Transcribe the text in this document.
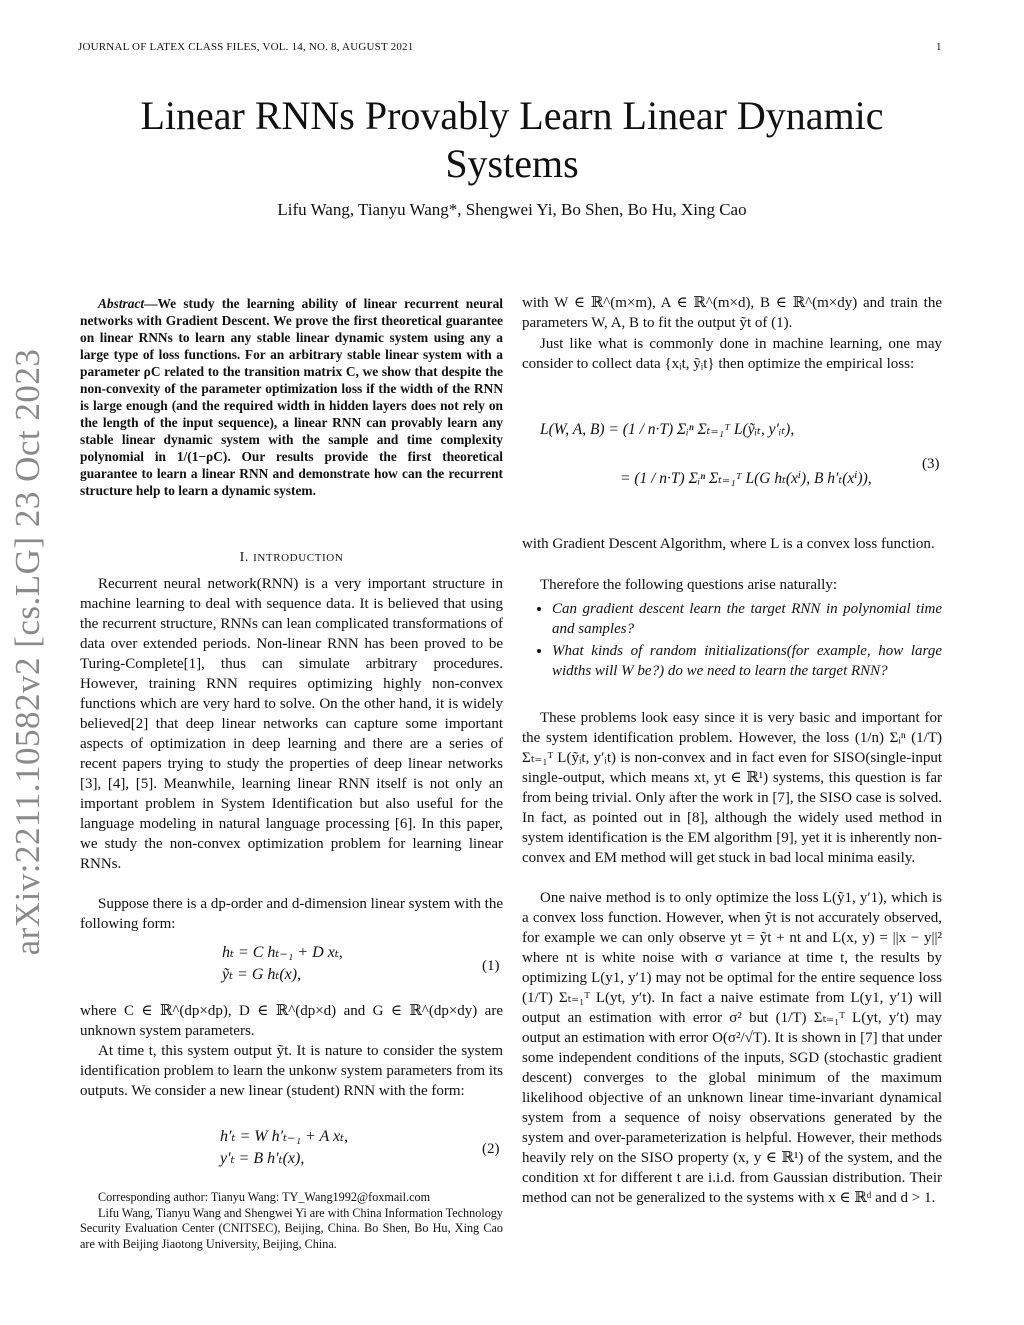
JOURNAL OF LATEX CLASS FILES, VOL. 14, NO. 8, AUGUST 2021	1
Linear RNNs Provably Learn Linear Dynamic
Systems
Lifu Wang, Tianyu Wang*, Shengwei Yi, Bo Shen, Bo Hu, Xing Cao
arXiv:2211.10582v2 [cs.LG] 23 Oct 2023

Abstract—We study the learning ability of linear recurrent neural networks with Gradient Descent. We prove the first theoretical guarantee on linear RNNs to learn any stable linear dynamic system using any a large type of loss functions. For an arbitrary stable linear system with a parameter ρC related to the transition matrix C, we show that despite the non-convexity of the parameter optimization loss if the width of the RNN is large enough (and the required width in hidden layers does not rely on the length of the input sequence), a linear RNN can provably learn any stable linear dynamic system with the sample and time complexity polynomial in 1/(1−ρC). Our results provide the first theoretical guarantee to learn a linear RNN and demonstrate how can the recurrent structure help to learn a dynamic system.

I. INTRODUCTION

Recurrent neural network(RNN) is a very important structure in machine learning to deal with sequence data. It is believed that using the recurrent structure, RNNs can lean complicated transformations of data over extended periods. Non-linear RNN has been proved to be Turing-Complete[1], thus can simulate arbitrary procedures. However, training RNN requires optimizing highly non-convex functions which are very hard to solve. On the other hand, it is widely believed[2] that deep linear networks can capture some important aspects of optimization in deep learning and there are a series of recent papers trying to study the properties of deep linear networks [3], [4], [5]. Meanwhile, learning linear RNN itself is not only an important problem in System Identification but also useful for the language modeling in natural language processing [6]. In this paper, we study the non-convex optimization problem for learning linear RNNs.

Suppose there is a dp-order and d-dimension linear system with the following form:

hₜ = C hₜ₋₁ + D xₜ,
ỹₜ = G hₜ(x),	(1)

where C ∈ ℝ^(dp×dp), D ∈ ℝ^(dp×d) and G ∈ ℝ^(dp×dy) are unknown system parameters.

At time t, this system output ỹt. It is nature to consider the system identification problem to learn the unkonw system parameters from its outputs. We consider a new linear (student) RNN with the form:

h′ₜ = W h′ₜ₋₁ + A xₜ,
y′ₜ = B h′ₜ(x),
(2)

Corresponding author: Tianyu Wang: TY_Wang1992@foxmail.com

Lifu Wang, Tianyu Wang and Shengwei Yi are with China Information Technology Security Evaluation Center (CNITSEC), Beijing, China. Bo Shen, Bo Hu, Xing Cao are with Beijing Jiaotong University, Beijing, China.

with W ∈ ℝ^(m×m), A ∈ ℝ^(m×d), B ∈ ℝ^(m×dy) and train the parameters W, A, B to fit the output ỹt of (1).

Just like what is commonly done in machine learning, one may consider to collect data {xᵢt, ỹᵢt} then optimize the empirical loss:

L(W, A, B) = (1 / n·T) Σᵢⁿ Σₜ₌₁ᵀ L(ỹᵢₜ, y′ᵢₜ),
= (1 / n·T) Σᵢⁿ Σₜ₌₁ᵀ L(G hₜ(xⁱ), B h′ₜ(xⁱ)),
(3)

with Gradient Descent Algorithm, where L is a convex loss function.

Therefore the following questions arise naturally:

• Can gradient descent learn the target RNN in polynomial time and samples?
• What kinds of random initializations(for example, how large widths will W be?) do we need to learn the target RNN?

These problems look easy since it is very basic and important for the system identification problem. However, the loss (1/n) Σᵢⁿ (1/T) Σₜ₌₁ᵀ L(ỹᵢt, y′ᵢt) is non-convex and in fact even for SISO(single-input single-output, which means xt, yt ∈ ℝ¹) systems, this question is far from being trivial. Only after the work in [7], the SISO case is solved. In fact, as pointed out in [8], although the widely used method in system identification is the EM algorithm [9], yet it is inherently non-convex and EM method will get stuck in bad local minima easily.

One naive method is to only optimize the loss L(ỹ1, y′1), which is a convex loss function. However, when ỹt is not accurately observed, for example we can only observe yt = ỹt + nt and L(x, y) = ||x − y||² where nt is white noise with σ variance at time t, the results by optimizing L(y1, y′1) may not be optimal for the entire sequence loss (1/T) Σₜ₌₁ᵀ L(yt, y′t). In fact a naive estimate from L(y1, y′1) will output an estimation with error σ² but (1/T) Σₜ₌₁ᵀ L(yt, y′t) may output an estimation with error O(σ²/√T). It is shown in [7] that under some independent conditions of the inputs, SGD (stochastic gradient descent) converges to the global minimum of the maximum likelihood objective of an unknown linear time-invariant dynamical system from a sequence of noisy observations generated by the system and over-parameterization is helpful. However, their methods heavily rely on the SISO property (x, y ∈ ℝ¹) of the system, and the condition xt for different t are i.i.d. from Gaussian distribution. Their method can not be generalized to the systems with x ∈ ℝᵈ and d > 1.
